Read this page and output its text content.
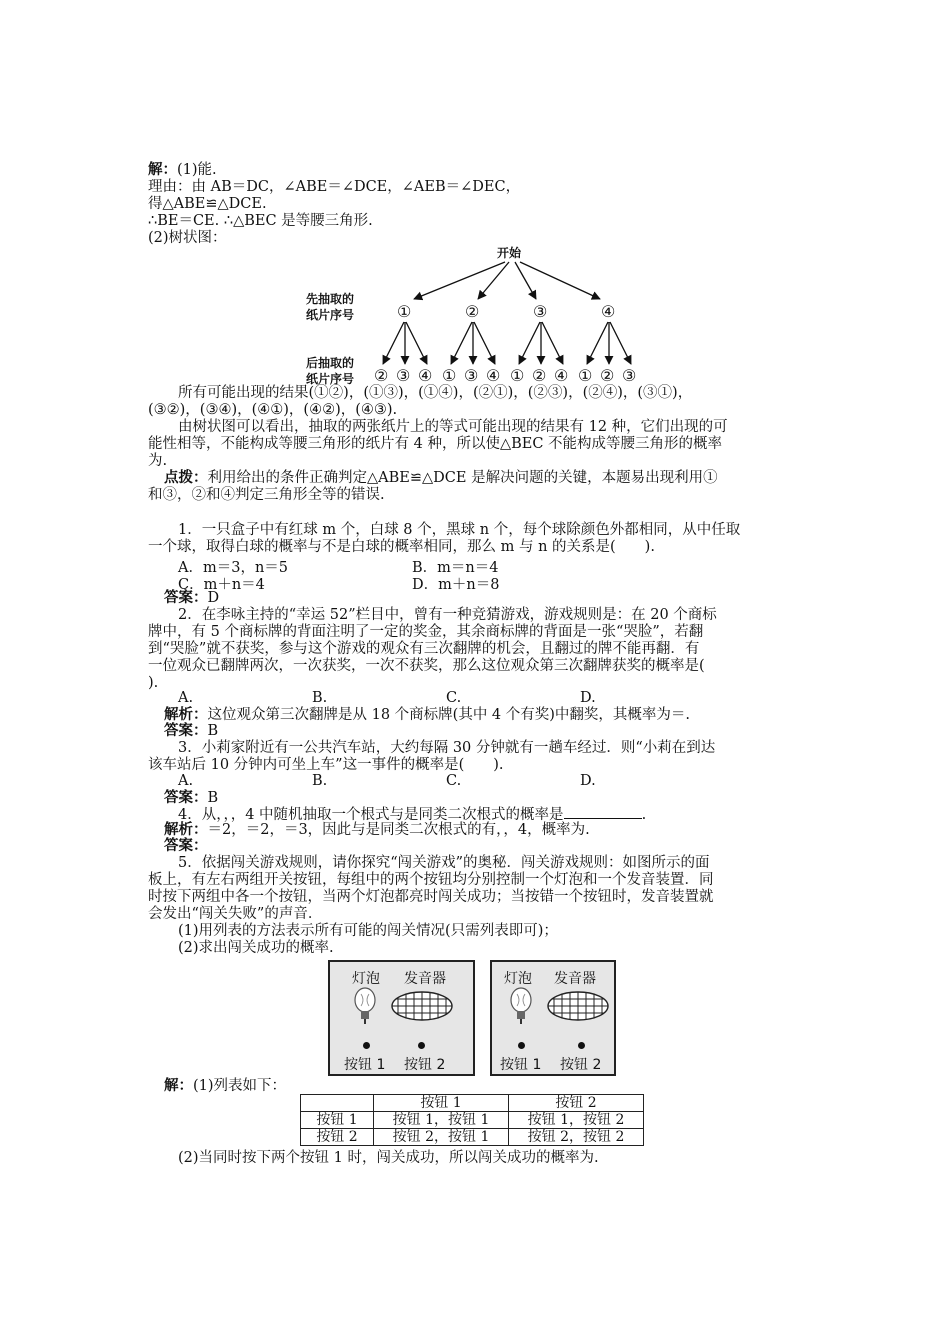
解：(1)能.
理由：由 AB＝DC，∠ABE＝∠DCE，∠AEB＝∠DEC，
得△ABE≌△DCE.
∴BE＝CE. ∴△BEC 是等腰三角形.
(2)树状图：
开始
先抽取的
纸片序号
后抽取的
纸片序号
①	②	③	④
② ③ ④ ① ③ ④ ① ② ④ ① ② ③
所有可能出现的结果(①②)，(①③)，(①④)，(②①)，(②③)，(②④)，(③①)，
(③②)，(③④)，(④①)，(④②)，(④③).
由树状图可以看出，抽取的两张纸片上的等式可能出现的结果有 12 种，它们出现的可
能性相等，不能构成等腰三角形的纸片有 4 种，所以使△BEC 不能构成等腰三角形的概率
为.
点拨：利用给出的条件正确判定△ABE≌△DCE 是解决问题的关键，本题易出现利用①
和③，②和④判定三角形全等的错误.
1．一只盒子中有红球 m 个，白球 8 个，黑球 n 个，每个球除颜色外都相同，从中任取
一个球，取得白球的概率与不是白球的概率相同，那么 m 与 n 的关系是(　　).
A．m＝3，n＝5	B．m＝n＝4
C．m＋n＝4	D．m＋n＝8
答案：D
2．在李咏主持的“幸运 52”栏目中，曾有一种竞猜游戏，游戏规则是：在 20 个商标
牌中，有 5 个商标牌的背面注明了一定的奖金，其余商标牌的背面是一张“哭脸”，若翻
到“哭脸”就不获奖，参与这个游戏的观众有三次翻牌的机会，且翻过的牌不能再翻．有
一位观众已翻牌两次，一次获奖，一次不获奖，那么这位观众第三次翻牌获奖的概率是(
).
A.	B.	C.	D.
解析：这位观众第三次翻牌是从 18 个商标牌(其中 4 个有奖)中翻奖，其概率为＝.
答案：B
3．小莉家附近有一公共汽车站，大约每隔 30 分钟就有一趟车经过．则“小莉在到达
该车站后 10 分钟内可坐上车”这一事件的概率是(　　).
A.	B.	C.	D.
答案：B
4．从，，，4 中随机抽取一个根式与是同类二次根式的概率是	.
解析：＝2，＝2，＝3，因此与是同类二次根式的有，，4，概率为.
答案：
5．依据闯关游戏规则，请你探究“闯关游戏”的奥秘．闯关游戏规则：如图所示的面
板上，有左右两组开关按钮，每组中的两个按钮均分别控制一个灯泡和一个发音装置．同
时按下两组中各一个按钮，当两个灯泡都亮时闯关成功；当按错一个按钮时，发音装置就
会发出“闯关失败”的声音．
(1)用列表的方法表示所有可能的闯关情况(只需列表即可)；
(2)求出闯关成功的概率.
灯泡 发音器
按钮 1 按钮 2
灯泡 发音器
按钮 1 按钮 2
解：(1)列表如下：
	按钮 1	按钮 2
按钮 1	按钮 1，按钮 1	按钮 1，按钮 2
按钮 2	按钮 2，按钮 1	按钮 2，按钮 2
(2)当同时按下两个按钮 1 时，闯关成功，所以闯关成功的概率为.
